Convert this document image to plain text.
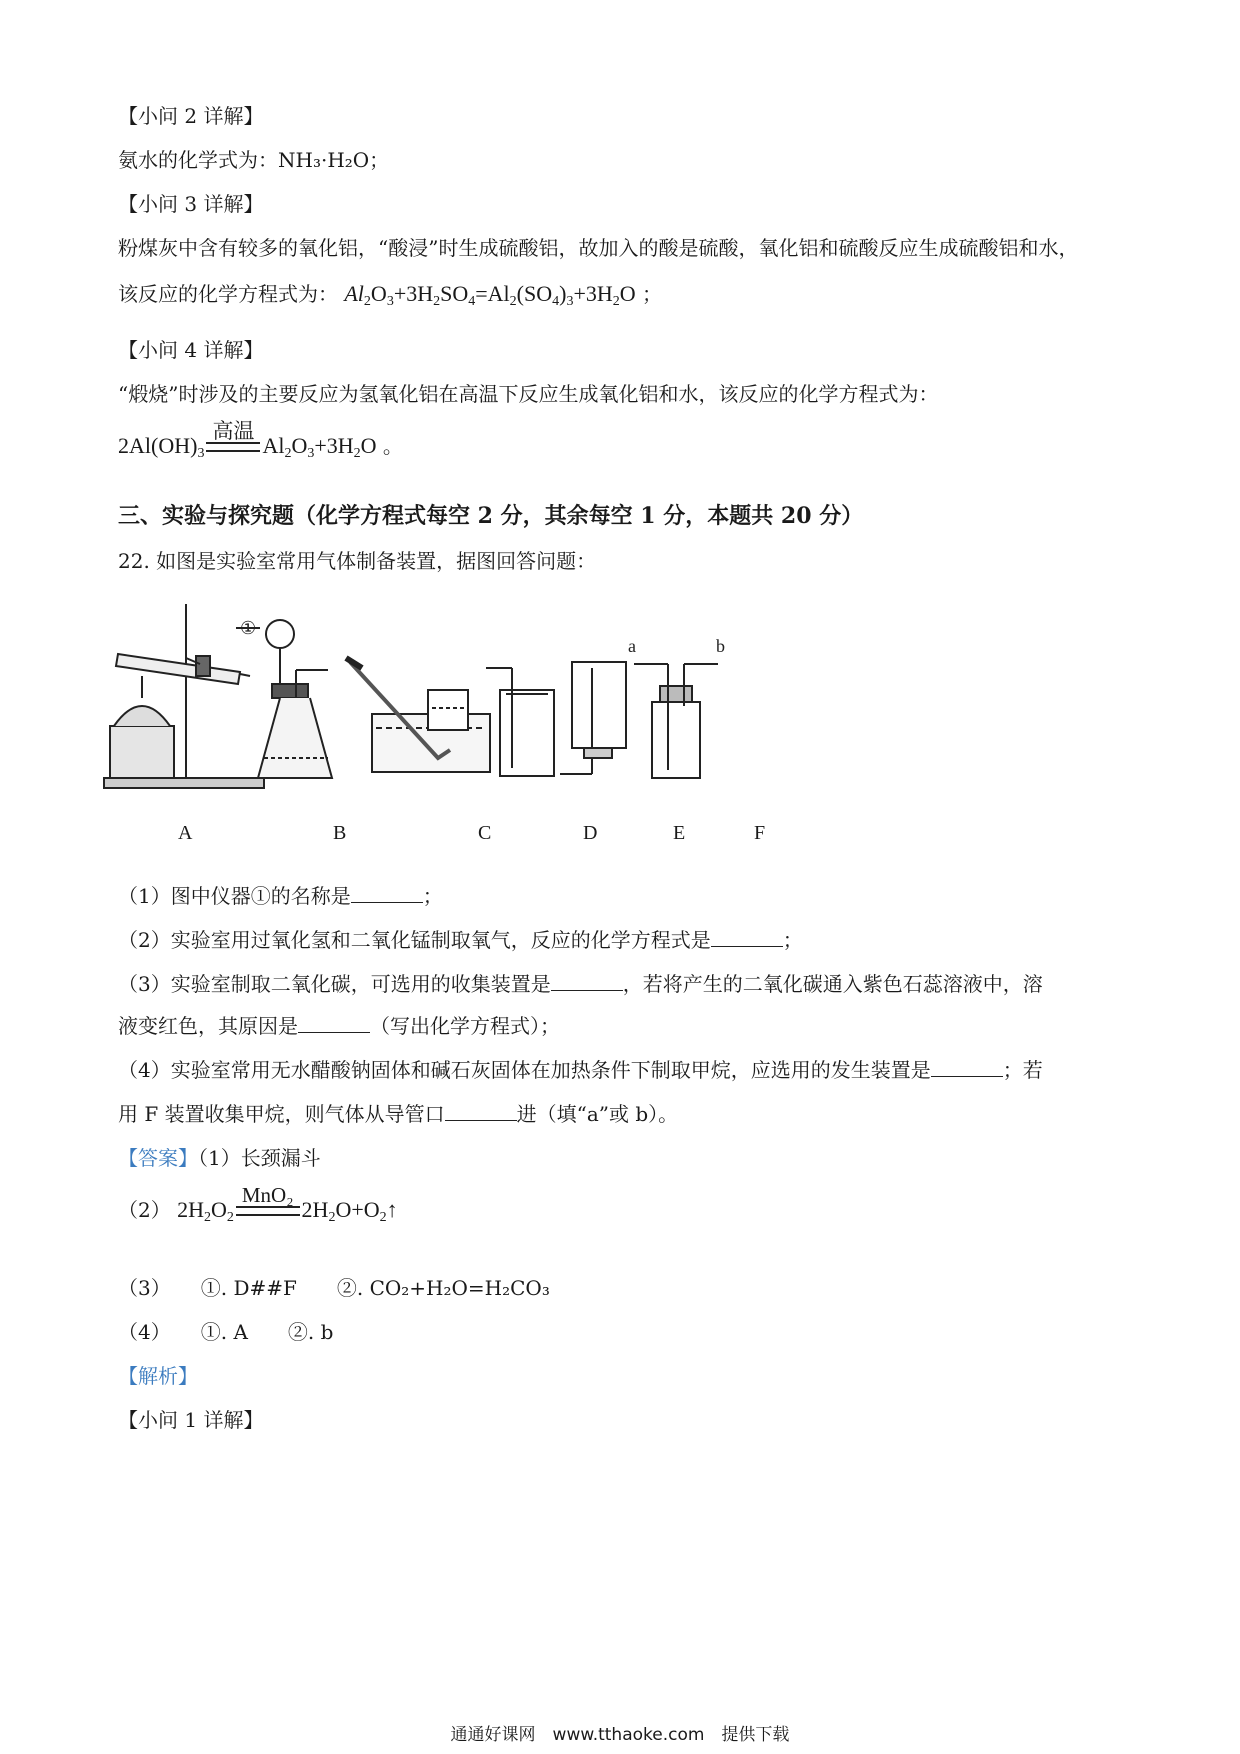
【小问 2 详解】
氨水的化学式为：NH₃·H₂O；
【小问 3 详解】
粉煤灰中含有较多的氧化铝，“酸浸”时生成硫酸铝，故加入的酸是硫酸，氧化铝和硫酸反应生成硫酸铝和水，
该反应的化学方程式为： $Al_2O_3+3H_2SO_4=Al_2(SO_4)_3+3H_2O$ ；
【小问 4 详解】
“煅烧”时涉及的主要反应为氢氧化铝在高温下反应生成氧化铝和水，该反应的化学方程式为：
$2Al(OH)_3$
高温
$Al_2O_3+3H_2O$ 。
三、实验与探究题（化学方程式每空 2 分，其余每空 1 分，本题共 20 分）
22. 如图是实验室常用气体制备装置，据图回答问题：
①
a	b
A	B	C	D	E	F
（1）图中仪器①的名称是	；
（2）实验室用过氧化氢和二氧化锰制取氧气，反应的化学方程式是	；
（3）实验室制取二氧化碳，可选用的收集装置是	，若将产生的二氧化碳通入紫色石蕊溶液中，溶
液变红色，其原因是	（写出化学方程式）；
（4）实验室常用无水醋酸钠固体和碱石灰固体在加热条件下制取甲烷，应选用的发生装置是	；若
用 F 装置收集甲烷，则气体从导管口	进（填“a”或 b）。
【答案】（1）长颈漏斗
（2） $2H_2O_2$
MnO₂
$2H_2O+O_2↑$
（3）　　①. D##F　　②. CO₂+H₂O=H₂CO₃
（4）　　①. A　　②. b
【解析】
【小问 1 详解】
通通好课网　www.tthaoke.com　提供下载
